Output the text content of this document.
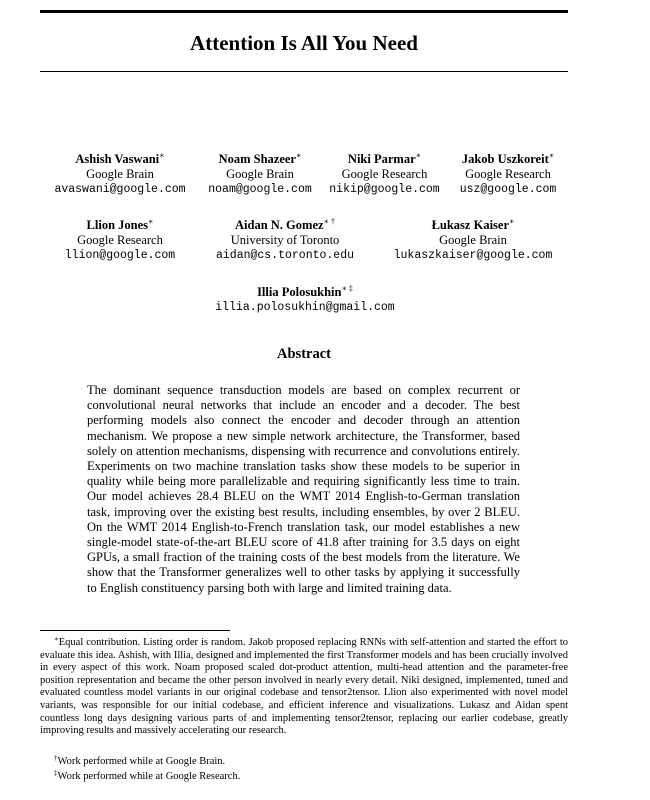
Attention Is All You Need
Ashish Vaswani∗
Google Brain
avaswani@google.com
Noam Shazeer∗
Google Brain
noam@google.com
Niki Parmar∗
Google Research
nikip@google.com
Jakob Uszkoreit∗
Google Research
usz@google.com
Llion Jones∗
Google Research
llion@google.com
Aidan N. Gomez∗ †
University of Toronto
aidan@cs.toronto.edu
Łukasz Kaiser∗
Google Brain
lukaszkaiser@google.com
Illia Polosukhin∗ ‡
illia.polosukhin@gmail.com
Abstract

The dominant sequence transduction models are based on complex recurrent or convolutional neural networks that include an encoder and a decoder. The best performing models also connect the encoder and decoder through an attention mechanism. We propose a new simple network architecture, the Transformer, based solely on attention mechanisms, dispensing with recurrence and convolutions entirely. Experiments on two machine translation tasks show these models to be superior in quality while being more parallelizable and requiring significantly less time to train. Our model achieves 28.4 BLEU on the WMT 2014 English-to-German translation task, improving over the existing best results, including ensembles, by over 2 BLEU. On the WMT 2014 English-to-French translation task, our model establishes a new single-model state-of-the-art BLEU score of 41.8 after training for 3.5 days on eight GPUs, a small fraction of the training costs of the best models from the literature. We show that the Transformer generalizes well to other tasks by applying it successfully to English constituency parsing both with large and limited training data.

∗Equal contribution. Listing order is random. Jakob proposed replacing RNNs with self-attention and started the effort to evaluate this idea. Ashish, with Illia, designed and implemented the first Transformer models and has been crucially involved in every aspect of this work. Noam proposed scaled dot-product attention, multi-head attention and the parameter-free position representation and became the other person involved in nearly every detail. Niki designed, implemented, tuned and evaluated countless model variants in our original codebase and tensor2tensor. Llion also experimented with novel model variants, was responsible for our initial codebase, and efficient inference and visualizations. Lukasz and Aidan spent countless long days designing various parts of and implementing tensor2tensor, replacing our earlier codebase, greatly improving results and massively accelerating our research.

†Work performed while at Google Brain.

‡Work performed while at Google Research.
